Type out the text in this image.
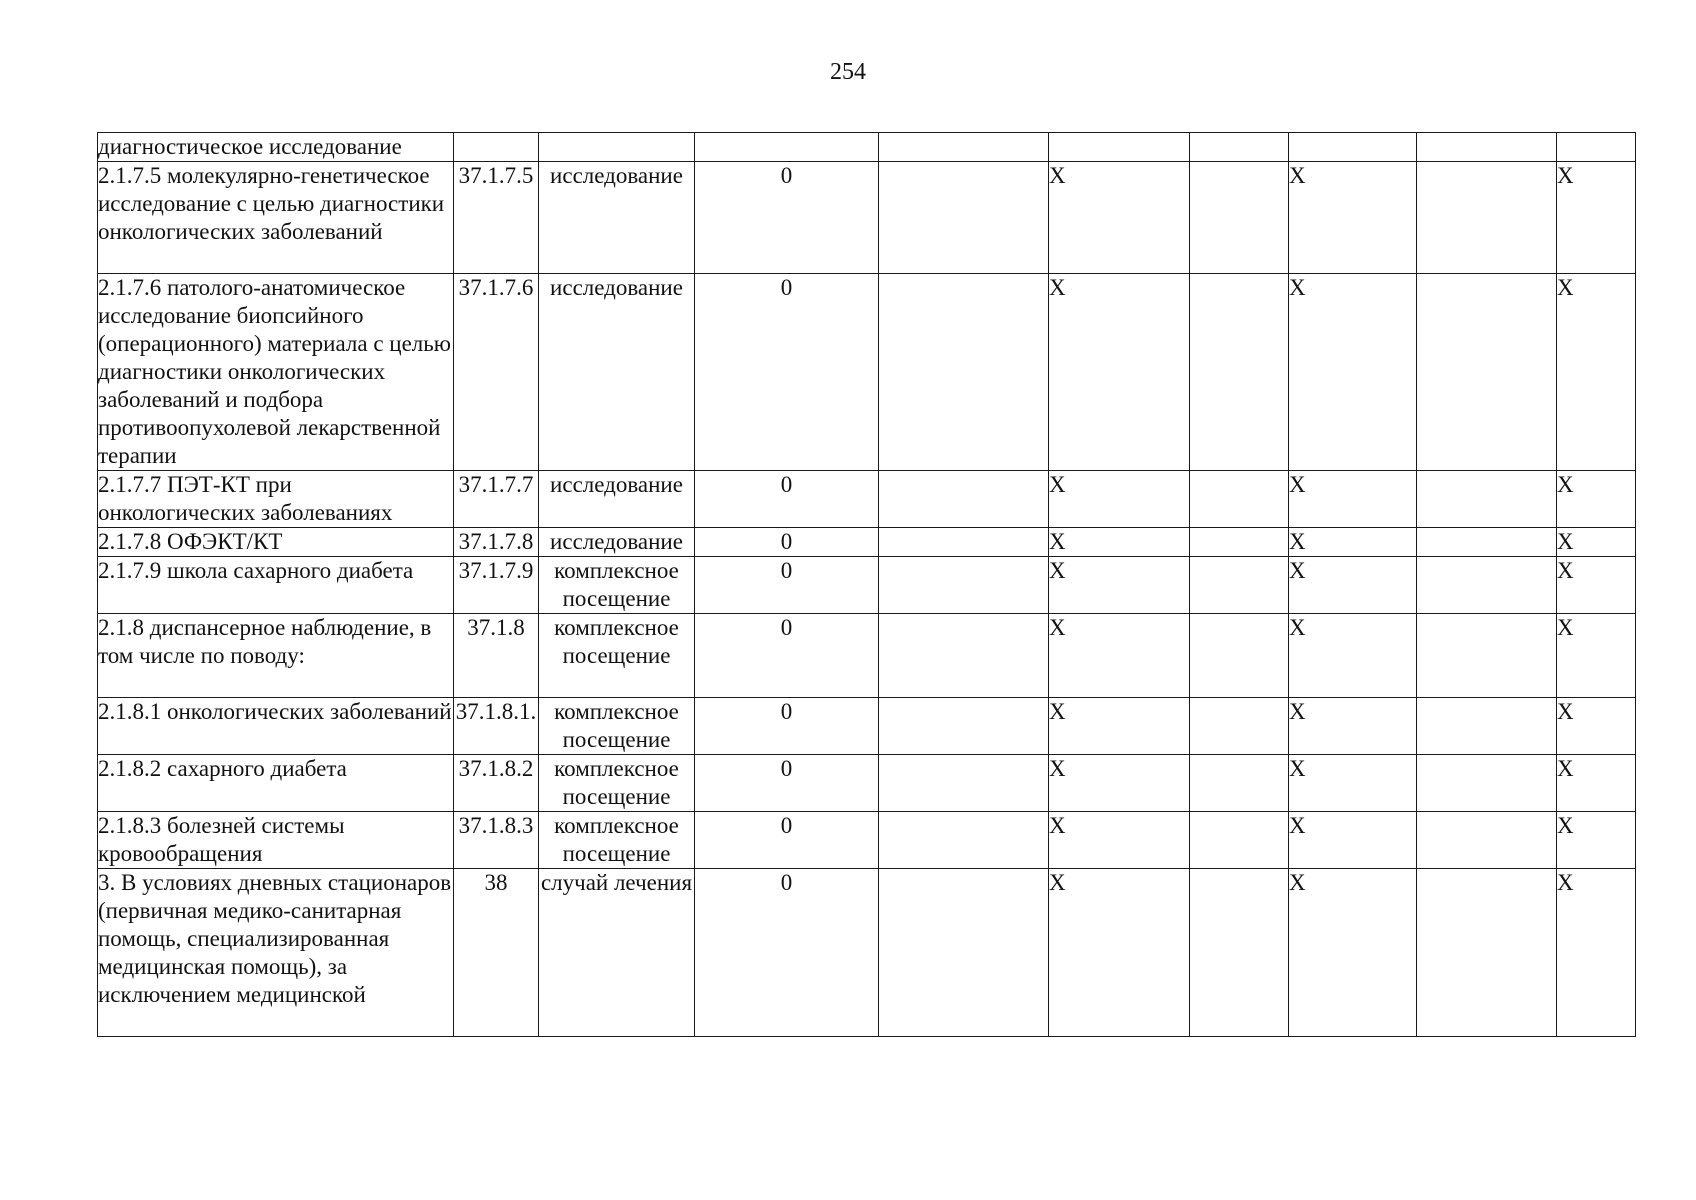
254
диагностическое исследование									

2.1.7.5 молекулярно-генетическое исследование с целью диагностики онкологических заболеваний	37.1.7.5	исследование	0		X		X		X

2.1.7.6 патолого-анатомическое исследование биопсийного (операционного) материала с целью диагностики онкологических заболеваний и подбора противоопухолевой лекарственной терапии	37.1.7.6	исследование	0		X		X		X

2.1.7.7 ПЭТ-КТ при онкологических заболеваниях	37.1.7.7	исследование	0		X		X		X

2.1.7.8 ОФЭКТ/КТ	37.1.7.8	исследование	0		X		X		X

2.1.7.9 школа сахарного диабета	37.1.7.9	комплексное посещение	0		X		X		X

2.1.8 диспансерное наблюдение, в том числе по поводу:	37.1.8	комплексное посещение	0		X		X		X

2.1.8.1 онкологических заболеваний	37.1.8.1.	комплексное посещение	0		X		X		X

2.1.8.2 сахарного диабета	37.1.8.2	комплексное посещение	0		X		X		X

2.1.8.3 болезней системы кровообращения	37.1.8.3	комплексное посещение	0		X		X		X

3. В условиях дневных стационаров (первичная медико-санитарная помощь, специализированная медицинская помощь), за исключением медицинской	38	случай лечения	0		X		X		X
